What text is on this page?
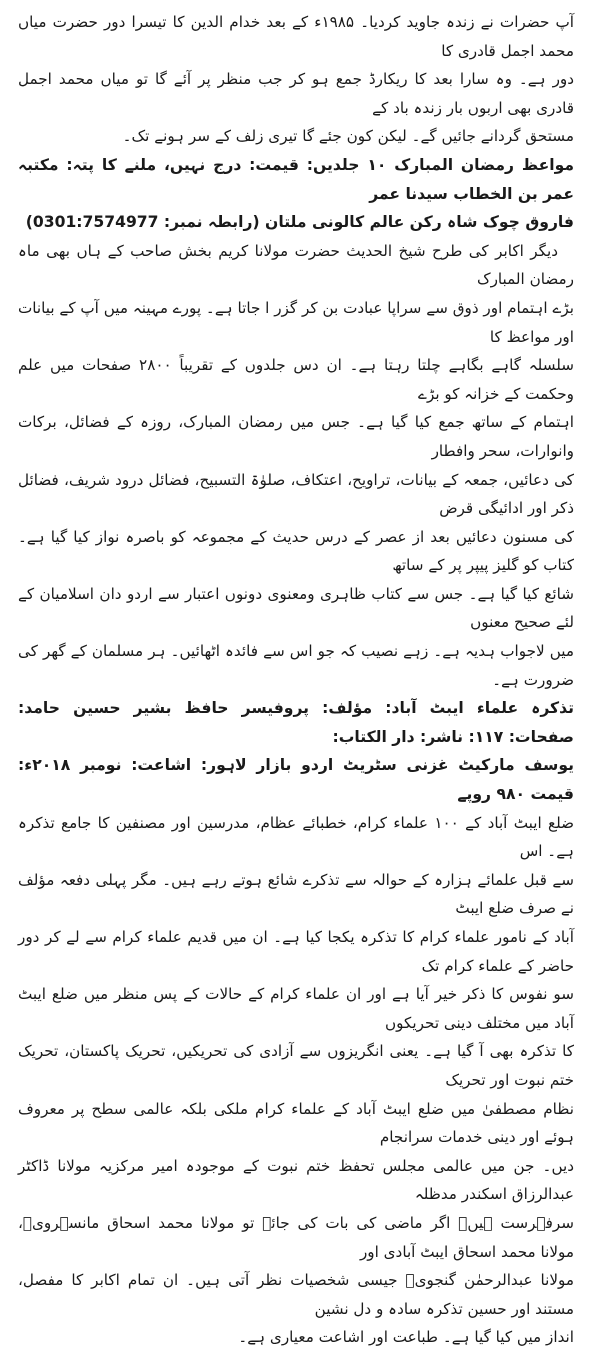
آپ حضرات نے زندہ جاوید کردیا۔ ۱۹۸۵ء کے بعد خدام الدین کا تیسرا دور حضرت میاں محمد اجمل قادری کا

دور ہے۔ وہ سارا بعد کا ریکارڈ جمع ہو کر جب منظر پر آئے گا تو میاں محمد اجمل قادری بھی اربوں بار زندہ باد کے

مستحق گردانے جائیں گے۔ لیکن کون جئے گا تیری زلف کے سر ہونے تک۔

مواعظ رمضان المبارک ۱۰ جلدیں: قیمت: درج نہیں، ملنے کا پتہ: مکتبہ عمر بن الخطاب سیدنا عمر

فاروق چوک شاہ رکن عالم کالونی ملتان (رابطہ نمبر: 0301:7574977)

دیگر اکابر کی طرح شیخ الحدیث حضرت مولانا کریم بخش صاحب کے ہاں بھی ماہ رمضان المبارک

بڑے اہتمام اور ذوق سے سراپا عبادت بن کر گزر ا جاتا ہے۔ پورے مہینہ میں آپ کے بیانات اور مواعظ کا

سلسلہ گاہے بگاہے چلتا رہتا ہے۔ ان دس جلدوں کے تقریباً ۲۸۰۰ صفحات میں علم وحکمت کے خزانہ کو بڑے

اہتمام کے ساتھ جمع کیا گیا ہے۔ جس میں رمضان المبارک، روزہ کے فضائل، برکات وانوارات، سحر وافطار

کی دعائیں، جمعہ کے بیانات، تراویح، اعتکاف، صلوٰۃ التسبیح، فضائل درود شریف، فضائل ذکر اور ادائیگی قرض

کی مسنون دعائیں بعد از عصر کے درس حدیث کے مجموعہ کو باصرہ نواز کیا گیا ہے۔ کتاب کو گلیز پیپر پر کے ساتھ

شائع کیا گیا ہے۔ جس سے کتاب ظاہری ومعنوی دونوں اعتبار سے اردو دان اسلامیان کے لئے صحیح معنوں

میں لاجواب ہدیہ ہے۔ زہے نصیب کہ جو اس سے فائدہ اٹھائیں۔ ہر مسلمان کے گھر کی ضرورت ہے۔

تذکرہ علماء ایبٹ آباد: مؤلف: پروفیسر حافظ بشیر حسین حامد: صفحات: ۱۱۷: ناشر: دار الکتاب:

یوسف مارکیٹ غزنی سٹریٹ اردو بازار لاہور: اشاعت: نومبر ۲۰۱۸ء: قیمت ۹۸۰ روپے

ضلع ایبٹ آباد کے ۱۰۰ علماء کرام، خطبائے عظام، مدرسین اور مصنفین کا جامع تذکرہ ہے۔ اس

سے قبل علمائے ہزارہ کے حوالہ سے تذکرے شائع ہوتے رہے ہیں۔ مگر پہلی دفعہ مؤلف نے صرف ضلع ایبٹ

آباد کے نامور علماء کرام کا تذکرہ یکجا کیا ہے۔ ان میں قدیم علماء کرام سے لے کر دور حاضر کے علماء کرام تک

سو نفوس کا ذکر خیر آیا ہے اور ان علماء کرام کے حالات کے پس منظر میں ضلع ایبٹ آباد میں مختلف دینی تحریکوں

کا تذکرہ بھی آ گیا ہے۔ یعنی انگریزوں سے آزادی کی تحریکیں، تحریک پاکستان، تحریک ختم نبوت اور تحریک

نظام مصطفیٰ میں ضلع ایبٹ آباد کے علماء کرام ملکی بلکہ عالمی سطح پر معروف ہوئے اور دینی خدمات سرانجام

دیں۔ جن میں عالمی مجلس تحفظ ختم نبوت کے موجودہ امیر مرکزیہ مولانا ڈاکٹر عبدالرزاق اسکندر مدظلہ

سرفہرست ہیں۔ اگر ماضی کی بات کی جائے تو مولانا محمد اسحاق مانسہرویؒ، مولانا محمد اسحاق ایبٹ آبادی اور

مولانا عبدالرحمٰن گنجویؒ جیسی شخصیات نظر آتی ہیں۔ ان تمام اکابر کا مفصل، مستند اور حسین تذکرہ سادہ و دل نشین

انداز میں کیا گیا ہے۔ طباعت اور اشاعت معیاری ہے۔
